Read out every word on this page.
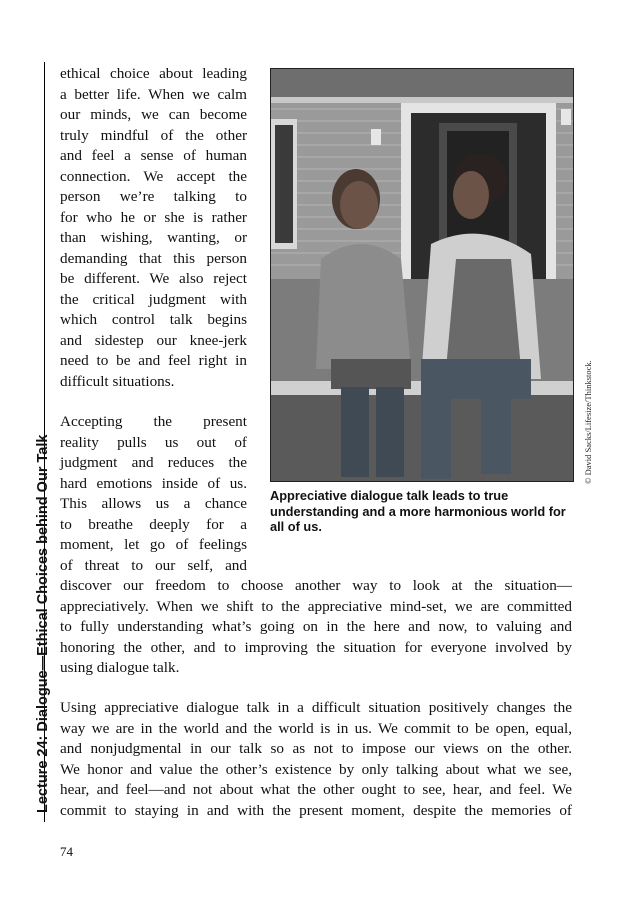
Lecture 24: Dialogue—Ethical Choices behind Our Talk
ethical choice about leading
a better life. When we calm
our minds, we can become
truly mindful of the other
and feel a sense of human
connection. We accept the
person we’re talking to
for who he or she is rather
than wishing, wanting, or
demanding that this person
be different. We also reject
the critical judgment with
which control talk begins
and sidestep our knee-jerk
need to be and feel right in
difficult situations.
Accepting the present
reality pulls us out of
judgment and reduces the
hard emotions inside of us.
This allows us a chance
to breathe deeply for a
moment, let go of feelings
of threat to our self, and
discover our freedom to choose another way to look at the situation—
appreciatively. When we shift to the appreciative mind-set, we are committed
to fully understanding what’s going on in the here and now, to valuing and
honoring the other, and to improving the situation for everyone involved by
using dialogue talk.
Using appreciative dialogue talk in a difficult situation positively changes the
way we are in the world and the world is in us. We commit to be open, equal,
and nonjudgmental in our talk so as not to impose our views on the other.
We honor and value the other’s existence by only talking about what we see,
hear, and feel—and not about what the other ought to see, hear, and feel. We
commit to staying in and with the present moment, despite the memories of
© David Sacks/Lifesize/Thinkstock.
Appreciative dialogue talk leads to true understanding and a more harmonious world for all of us.
74
